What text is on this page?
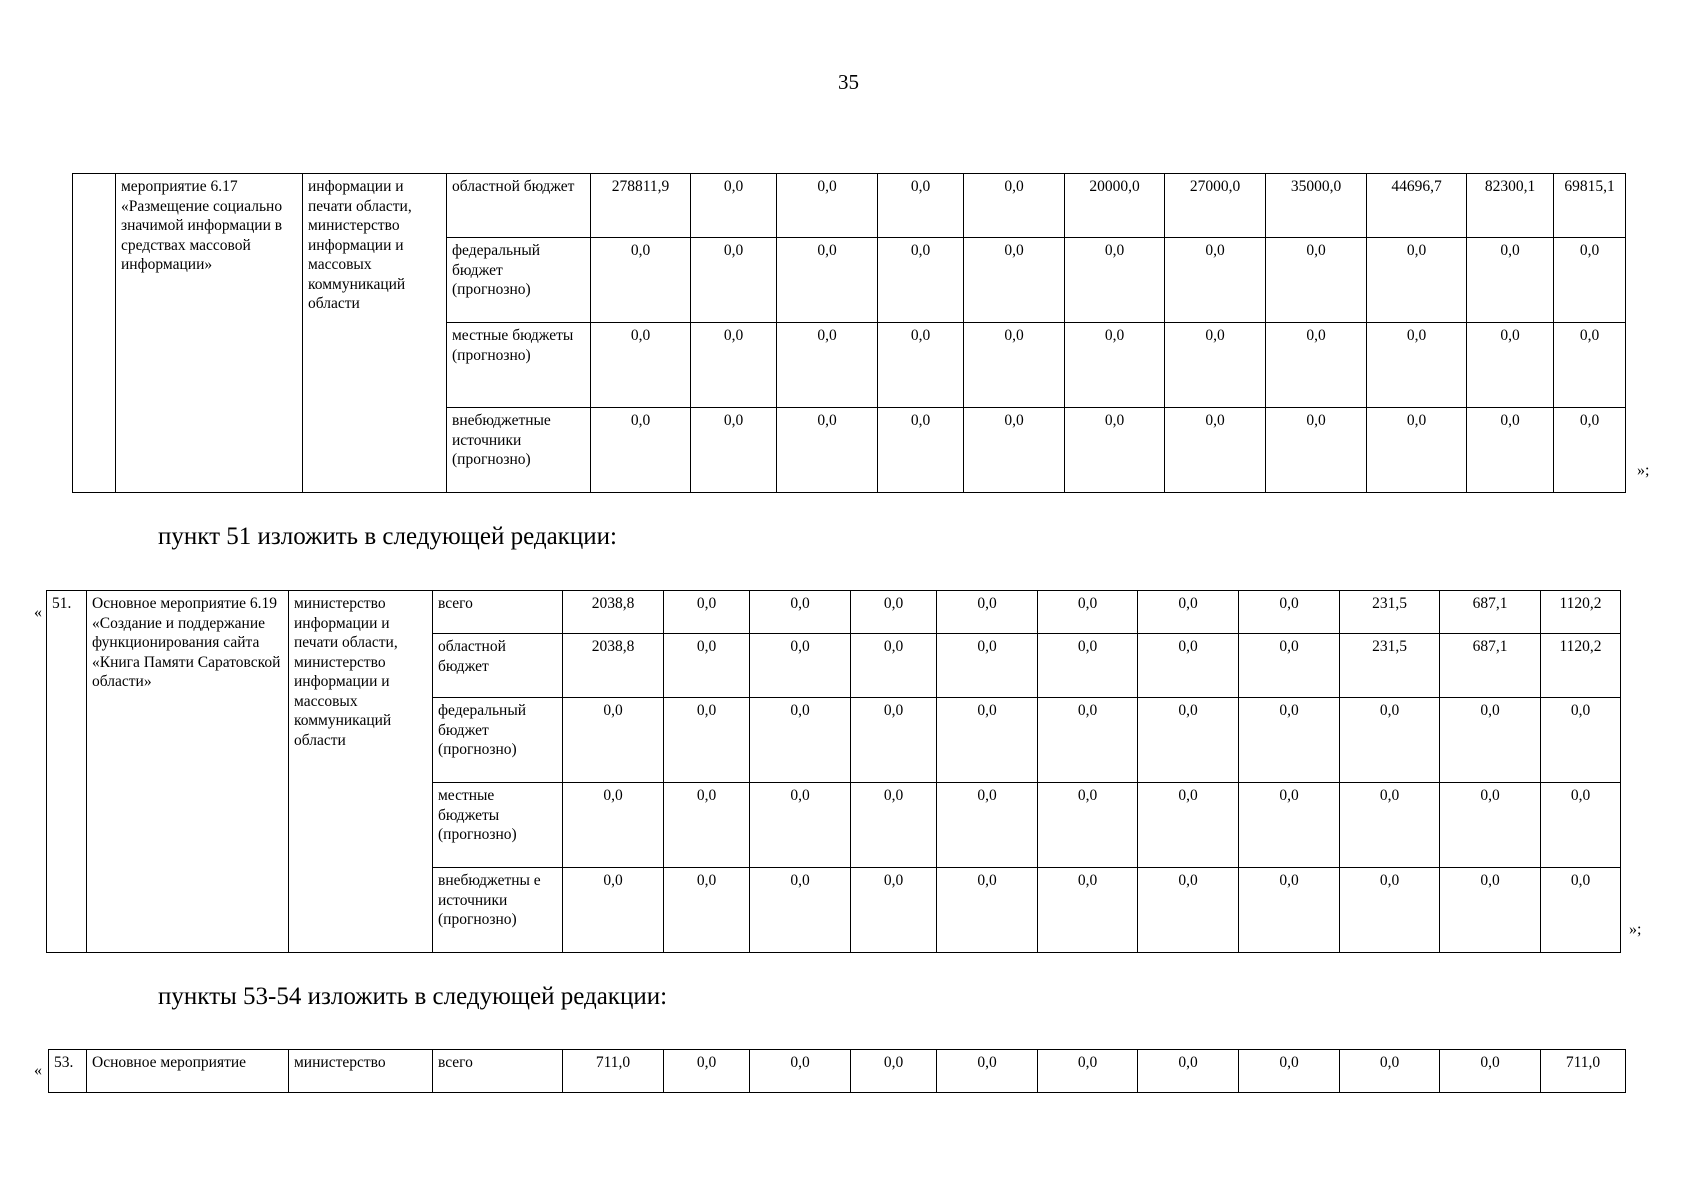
35
	мероприятие 6.17 «Размещение социально значимой информации в средствах массовой информации»	информации и печати области, министерство информации и массовых коммуникаций области	областной бюджет	278811,9	0,0	0,0	0,0	0,0	20000,0	27000,0	35000,0	44696,7	82300,1	69815,1
			федеральный бюджет (прогнозно)	0,0	0,0	0,0	0,0	0,0	0,0	0,0	0,0	0,0	0,0	0,0
			местные бюджеты (прогнозно)	0,0	0,0	0,0	0,0	0,0	0,0	0,0	0,0	0,0	0,0	0,0
			внебюджетные источники (прогнозно)	0,0	0,0	0,0	0,0	0,0	0,0	0,0	0,0	0,0	0,0	0,0
»;
пункт 51 изложить в следующей редакции:
«
51.	Основное мероприятие 6.19 «Создание и поддержание функционирования сайта «Книга Памяти Саратовской области»	министерство информации и печати области, министерство информации и массовых коммуникаций области	всего	2038,8	0,0	0,0	0,0	0,0	0,0	0,0	0,0	231,5	687,1	1120,2
			областной бюджет	2038,8	0,0	0,0	0,0	0,0	0,0	0,0	0,0	231,5	687,1	1120,2
			федеральный бюджет (прогнозно)	0,0	0,0	0,0	0,0	0,0	0,0	0,0	0,0	0,0	0,0	0,0
			местные бюджеты (прогнозно)	0,0	0,0	0,0	0,0	0,0	0,0	0,0	0,0	0,0	0,0	0,0
			внебюджетны е источники (прогнозно)	0,0	0,0	0,0	0,0	0,0	0,0	0,0	0,0	0,0	0,0	0,0
»;
пункты 53-54 изложить в следующей редакции:
« 53.	Основное мероприятие	министерство	всего	711,0	0,0	0,0	0,0	0,0	0,0	0,0	0,0	0,0	0,0	711,0
